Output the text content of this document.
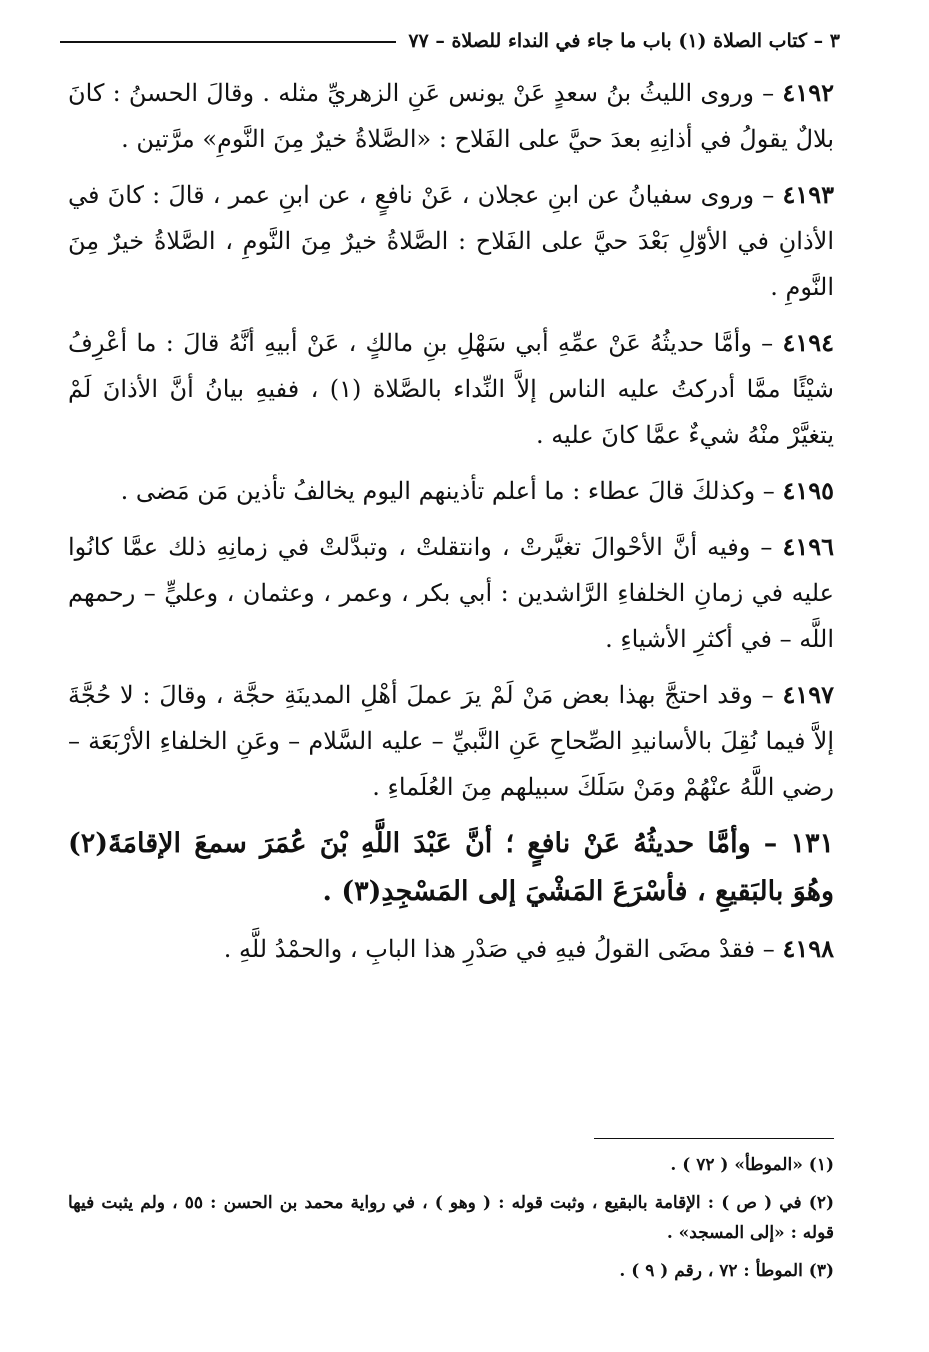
٣ – كتاب الصلاة (١) باب ما جاء في النداء للصلاة – ٧٧

٤١٩٢ – وروى الليثُ بنُ سعدٍ عَنْ يونس عَنِ الزهريِّ مثله . وقالَ الحسنُ : كانَ بلالٌ يقولُ في أذانِهِ بعدَ حيَّ على الفَلاح : «الصَّلاةُ خيرٌ مِنَ النَّومِ» مرَّتين .

٤١٩٣ – وروى سفيانُ عن ابنِ عجلان ، عَنْ نافعٍ ، عن ابنِ عمر ، قالَ : كانَ في الأذانِ في الأوّلِ بَعْدَ حيَّ على الفَلاح : الصَّلاةُ خيرٌ مِنَ النَّومِ ، الصَّلاةُ خيرٌ مِنَ النَّومِ .

٤١٩٤ – وأمَّا حديثُهُ عَنْ عمِّهِ أبي سَهْلِ بنِ مالكٍ ، عَنْ أبيهِ أنَّهُ قالَ : ما أعْرِفُ شيْئًا ممَّا أدركتُ عليه الناس إلاَّ النِّداء بالصَّلاة (١) ، ففيهِ بيانُ أنَّ الأذانَ لَمْ يتغيَّرْ منْهُ شيءٌ عمَّا كانَ عليه .

٤١٩٥ – وكذلكَ قالَ عطاء : ما أعلم تأذينهم اليوم يخالفُ تأذين مَن مَضى .

٤١٩٦ – وفيه أنَّ الأحْوالَ تغيَّرتْ ، وانتقلتْ ، وتبدَّلتْ في زمانِهِ ذلك عمَّا كانُوا عليه في زمانِ الخلفاءِ الرَّاشدين : أبي بكر ، وعمر ، وعثمان ، وعليٍّ – رحمهم اللَّه – في أكثرِ الأشياءِ .

٤١٩٧ – وقد احتجَّ بهذا بعض مَنْ لَمْ يرَ عملَ أهْلِ المدينَةِ حجَّة ، وقالَ : لا حُجَّةَ إلاَّ فيما نُقِلَ بالأسانيدِ الصِّحاحِ عَنِ النَّبيِّ – عليه السَّلام – وعَنِ الخلفاءِ الأرْبَعَة – رضي اللَّهُ عنْهُمْ ومَنْ سَلَكَ سبيلهم مِنَ العُلَماءِ .

١٣١ – وأمَّا حديثُهُ عَنْ نافعٍ ؛ أنَّ عَبْدَ اللَّهِ بْنَ عُمَرَ سمعَ الإقامَةَ(٢) وهُوَ بالبَقيعِ ، فأسْرَعَ المَشْيَ إلى المَسْجِدِ(٣) .

٤١٩٨ – فقدْ مضَى القولُ فيهِ في صَدْرِ هذا البابِ ، والحمْدُ للَّهِ .

(١) «الموطأ» ( ٧٢ ) .

(٢) في ( ص ) : الإقامة بالبقيع ، وثبت قوله : ( وهو ) ، في رواية محمد بن الحسن : ٥٥ ، ولم يثبت فيها قوله : «إلى المسجد» .

(٣) الموطأ : ٧٢ ، رقم ( ٩ ) .
